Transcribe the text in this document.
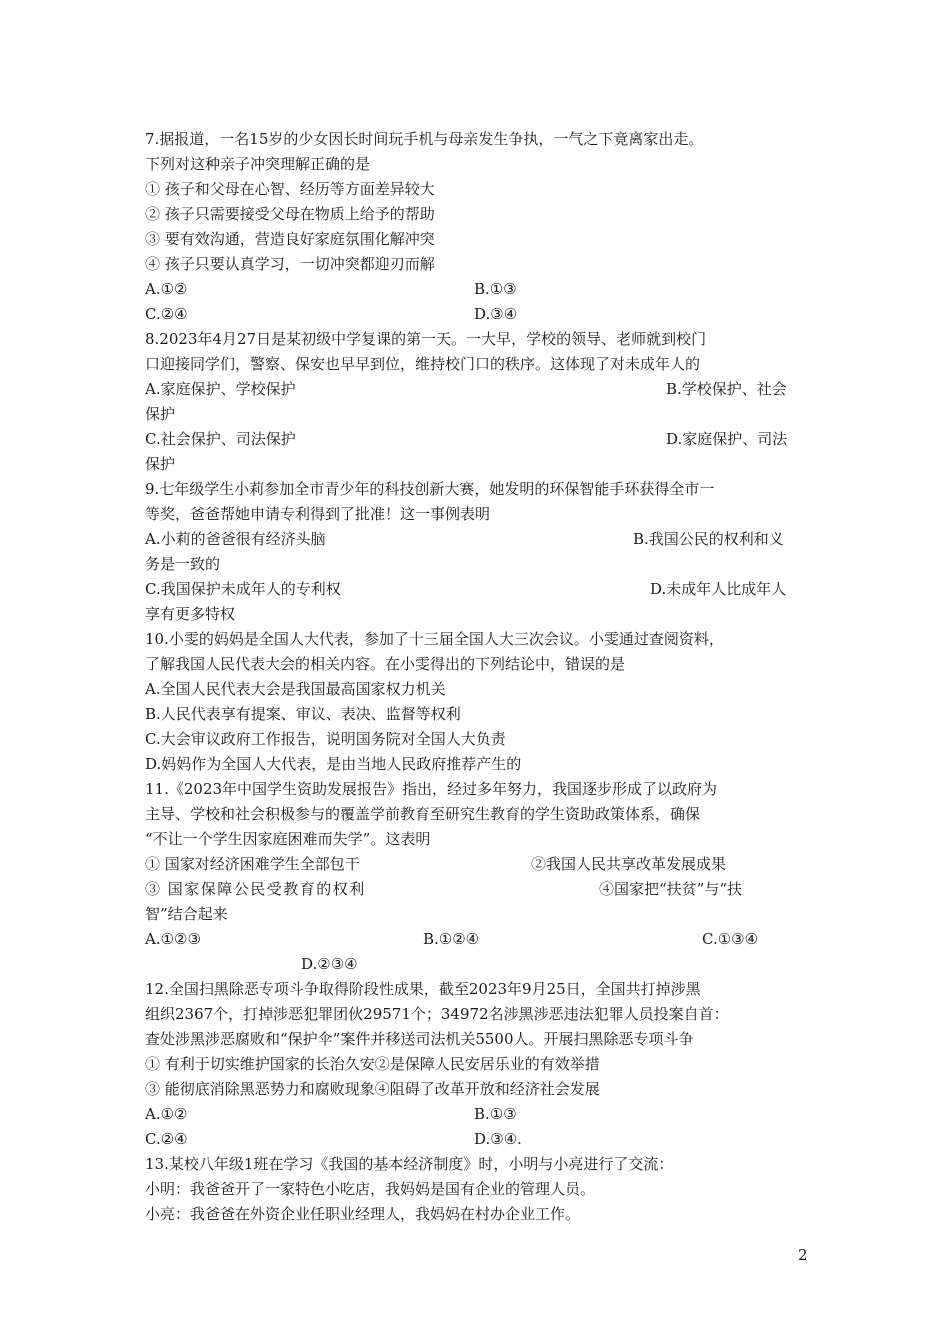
7.据报道，一名15岁的少女因长时间玩手机与母亲发生争执，一气之下竟离家出走。
下列对这种亲子冲突理解正确的是
① 孩子和父母在心智、经历等方面差异较大
② 孩子只需要接受父母在物质上给予的帮助
③ 要有效沟通，营造良好家庭氛围化解冲突
④ 孩子只要认真学习，一切冲突都迎刃而解
A.①②	B.①③
C.②④	D.③④
8.2023年4月27日是某初级中学复课的第一天。一大早，学校的领导、老师就到校门
口迎接同学们，警察、保安也早早到位，维持校门口的秩序。这体现了对未成年人的
A.家庭保护、学校保护	B.学校保护、社会
保护
C.社会保护、司法保护	D.家庭保护、司法
保护
9.七年级学生小莉参加全市青少年的科技创新大赛，她发明的环保智能手环获得全市一
等奖，爸爸帮她申请专利得到了批准！这一事例表明
A.小莉的爸爸很有经济头脑	B.我国公民的权利和义
务是一致的
C.我国保护未成年人的专利权	D.未成年人比成年人
享有更多特权
10.小雯的妈妈是全国人大代表，参加了十三届全国人大三次会议。小雯通过查阅资料，
了解我国人民代表大会的相关内容。在小雯得出的下列结论中，错误的是
A.全国人民代表大会是我国最高国家权力机关
B.人民代表享有提案、审议、表决、监督等权利
C.大会审议政府工作报告，说明国务院对全国人大负责
D.妈妈作为全国人大代表，是由当地人民政府推荐产生的
11.《2023年中国学生资助发展报告》指出，经过多年努力，我国逐步形成了以政府为
主导、学校和社会积极参与的覆盖学前教育至研究生教育的学生资助政策体系，确保
“不让一个学生因家庭困难而失学”。这表明
① 国家对经济困难学生全部包干	②我国人民共享改革发展成果
③ 国家保障公民受教育的权利	④国家把“扶贫”与“扶
智”结合起来
A.①②③	B.①②④	C.①③④
D.②③④
12.全国扫黑除恶专项斗争取得阶段性成果，截至2023年9月25日，全国共打掉涉黑
组织2367个，打掉涉恶犯罪团伙29571个；34972名涉黑涉恶违法犯罪人员投案自首：
查处涉黑涉恶腐败和“保护伞”案件并移送司法机关5500人。开展扫黑除恶专项斗争
① 有利于切实维护国家的长治久安②是保障人民安居乐业的有效举措
③ 能彻底消除黑恶势力和腐败现象④阻碍了改革开放和经济社会发展
A.①②	B.①③
C.②④	D.③④.
13.某校八年级1班在学习《我国的基本经济制度》时，小明与小亮进行了交流：
小明：我爸爸开了一家特色小吃店，我妈妈是国有企业的管理人员。
小亮：我爸爸在外资企业任职业经理人，我妈妈在村办企业工作。
2
